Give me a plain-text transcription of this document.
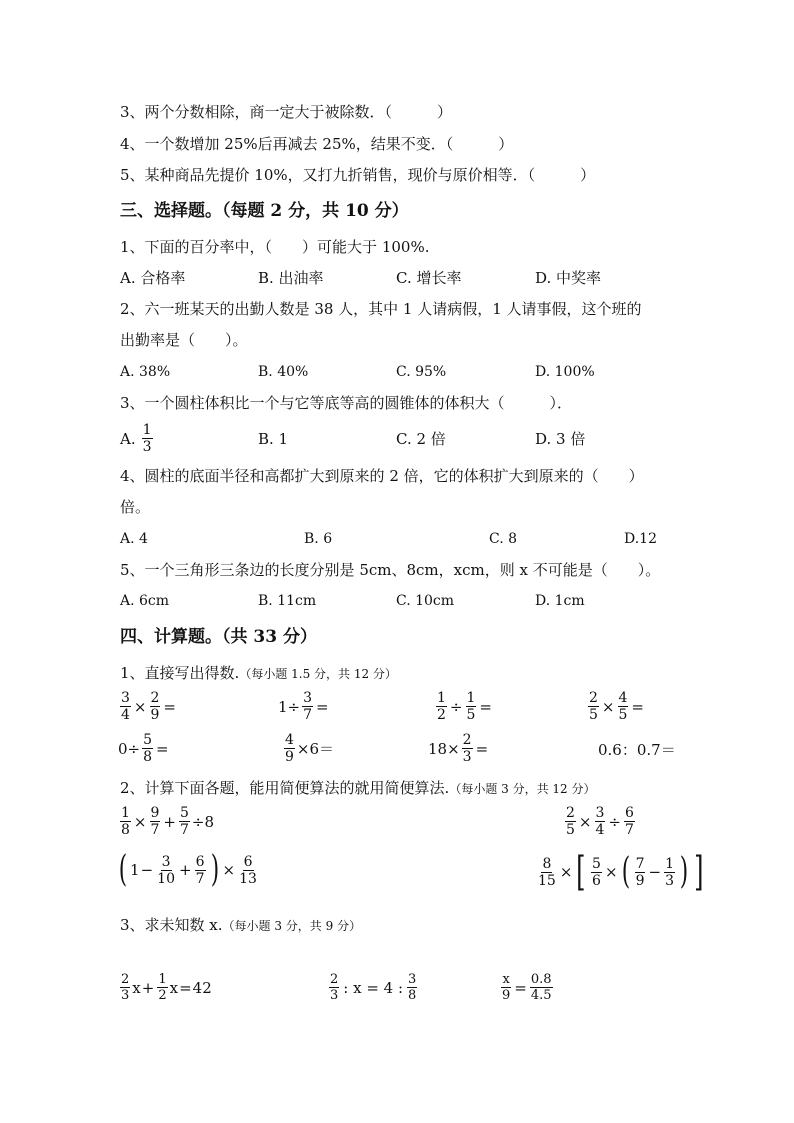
3、两个分数相除，商一定大于被除数．（　　　）
4、一个数增加 25%后再减去 25%，结果不变．（　　　）
5、某种商品先提价 10%，又打九折销售，现价与原价相等．（　　　）
三、选择题。（每题 2 分，共 10 分）
1、下面的百分率中，（　　）可能大于 100%.
A. 合格率	B. 出油率	C. 增长率	D. 中奖率
2、六一班某天的出勤人数是 38 人，其中 1 人请病假，1 人请事假，这个班的
出勤率是（　　）。
A. 38%	B. 40%	C. 95%	D. 100%
3、一个圆柱体积比一个与它等底等高的圆锥体的体积大（　　　）．
A. $\frac{1}{3}$	B. 1	C. 2 倍	D. 3 倍
4、圆柱的底面半径和高都扩大到原来的 2 倍，它的体积扩大到原来的（　　）
倍。
A. 4	B. 6	C. 8	D.12
5、一个三角形三条边的长度分别是 5cm、8cm，xcm，则 x 不可能是（　　）。
A. 6cm	B. 11cm	C. 10cm	D. 1cm
四、计算题。（共 33 分）
1、直接写出得数.（每小题 1.5 分，共 12 分）
$\frac{3}{4} \times \frac{2}{9}$ =	$1\div \frac{3}{7}$ =	$\frac{1}{2} \div \frac{1}{5}$ =	$\frac{2}{5} \times \frac{4}{5}$ =
$0\div \frac{5}{8}$ =	$\frac{4}{9} \times 6=$	$18\times \frac{2}{3}$ =	0.6：0.7＝
2、计算下面各题，能用简便算法的就用简便算法.（每小题 3 分，共 12 分）
$\frac{1}{8} \times \frac{9}{7} + \frac{5}{7} \div 8$	$\frac{2}{5} \times \frac{3}{4} \div \frac{6}{7}$
( $1 - \frac{3}{10} + \frac{6}{7}$ ) × $\frac{6}{13}$	$\frac{8}{15}$ × [ $\frac{5}{6}$ × ( $\frac{7}{9} - \frac{1}{3}$ ) ]
3、求未知数 x.（每小题 3 分，共 9 分）
$\frac{2}{3}$ $x + \frac{1}{2}$ x = 42	$\frac{2}{3}$ : x = 4 : $\frac{3}{8}$	$\frac{x}{9} = \frac{0.8}{4.5}$
